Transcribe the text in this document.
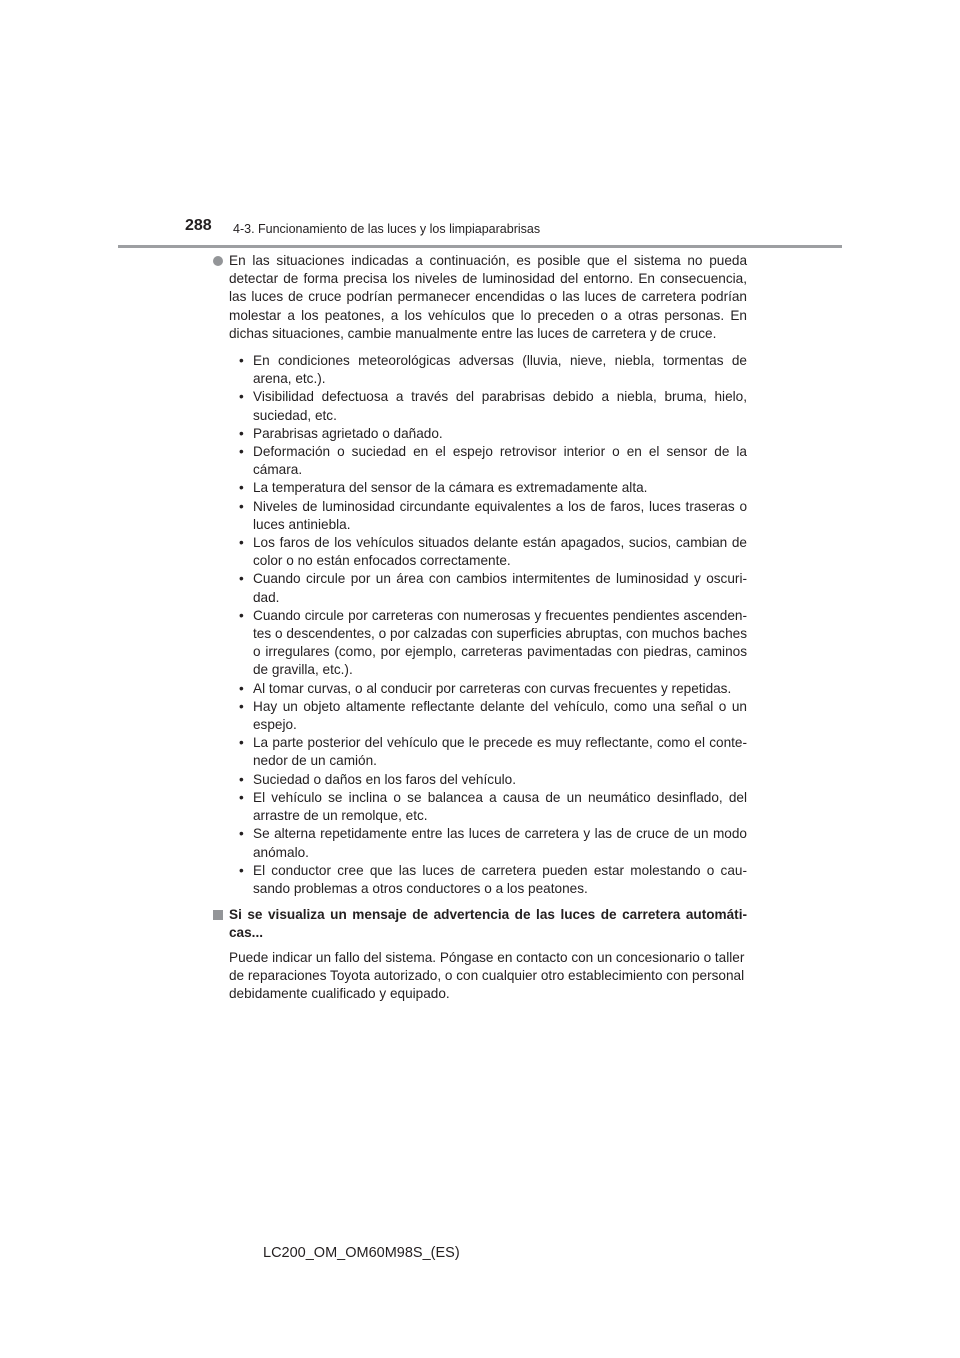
288 4-3. Funcionamiento de las luces y los limpiaparabrisas
En las situaciones indicadas a continuación, es posible que el sistema no pueda detectar de forma precisa los niveles de luminosidad del entorno. En consecuencia, las luces de cruce podrían permanecer encendidas o las luces de carretera podrían molestar a los peatones, a los vehículos que lo preceden o a otras personas. En dichas situaciones, cambie manualmente entre las luces de carretera y de cruce.
• En condiciones meteorológicas adversas (lluvia, nieve, niebla, tormentas de arena, etc.).
• Visibilidad defectuosa a través del parabrisas debido a niebla, bruma, hielo, suciedad, etc.
• Parabrisas agrietado o dañado.
• Deformación o suciedad en el espejo retrovisor interior o en el sensor de la cámara.
• La temperatura del sensor de la cámara es extremadamente alta.
• Niveles de luminosidad circundante equivalentes a los de faros, luces traseras o luces antiniebla.
• Los faros de los vehículos situados delante están apagados, sucios, cambian de color o no están enfocados correctamente.
• Cuando circule por un área con cambios intermitentes de luminosidad y oscuri-dad.
• Cuando circule por carreteras con numerosas y frecuentes pendientes ascenden-tes o descendentes, o por calzadas con superficies abruptas, con muchos baches o irregulares (como, por ejemplo, carreteras pavimentadas con piedras, caminos de gravilla, etc.).
• Al tomar curvas, o al conducir por carreteras con curvas frecuentes y repetidas.
• Hay un objeto altamente reflectante delante del vehículo, como una señal o un espejo.
• La parte posterior del vehículo que le precede es muy reflectante, como el conte-nedor de un camión.
• Suciedad o daños en los faros del vehículo.
• El vehículo se inclina o se balancea a causa de un neumático desinflado, del arrastre de un remolque, etc.
• Se alterna repetidamente entre las luces de carretera y las de cruce de un modo anómalo.
• El conductor cree que las luces de carretera pueden estar molestando o cau-sando problemas a otros conductores o a los peatones.
Si se visualiza un mensaje de advertencia de las luces de carretera automáti-cas...
Puede indicar un fallo del sistema. Póngase en contacto con un concesionario o taller de reparaciones Toyota autorizado, o con cualquier otro establecimiento con personal debidamente cualificado y equipado.
LC200_OM_OM60M98S_(ES)
